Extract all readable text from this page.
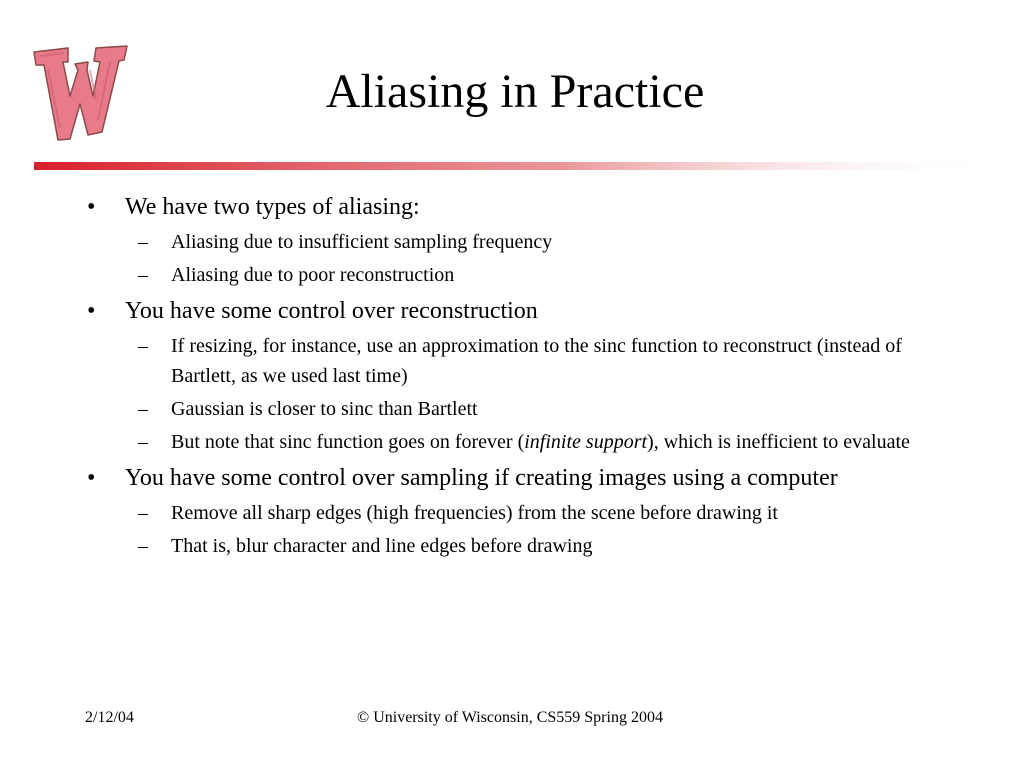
Aliasing in Practice
• We have two types of aliasing:
– Aliasing due to insufficient sampling frequency
– Aliasing due to poor reconstruction
• You have some control over reconstruction
– If resizing, for instance, use an approximation to the sinc function to reconstruct (instead of Bartlett, as we used last time)
– Gaussian is closer to sinc than Bartlett
– But note that sinc function goes on forever (infinite support), which is inefficient to evaluate
• You have some control over sampling if creating images using a computer
– Remove all sharp edges (high frequencies) from the scene before drawing it
– That is, blur character and line edges before drawing
2/12/04	© University of Wisconsin, CS559 Spring 2004
